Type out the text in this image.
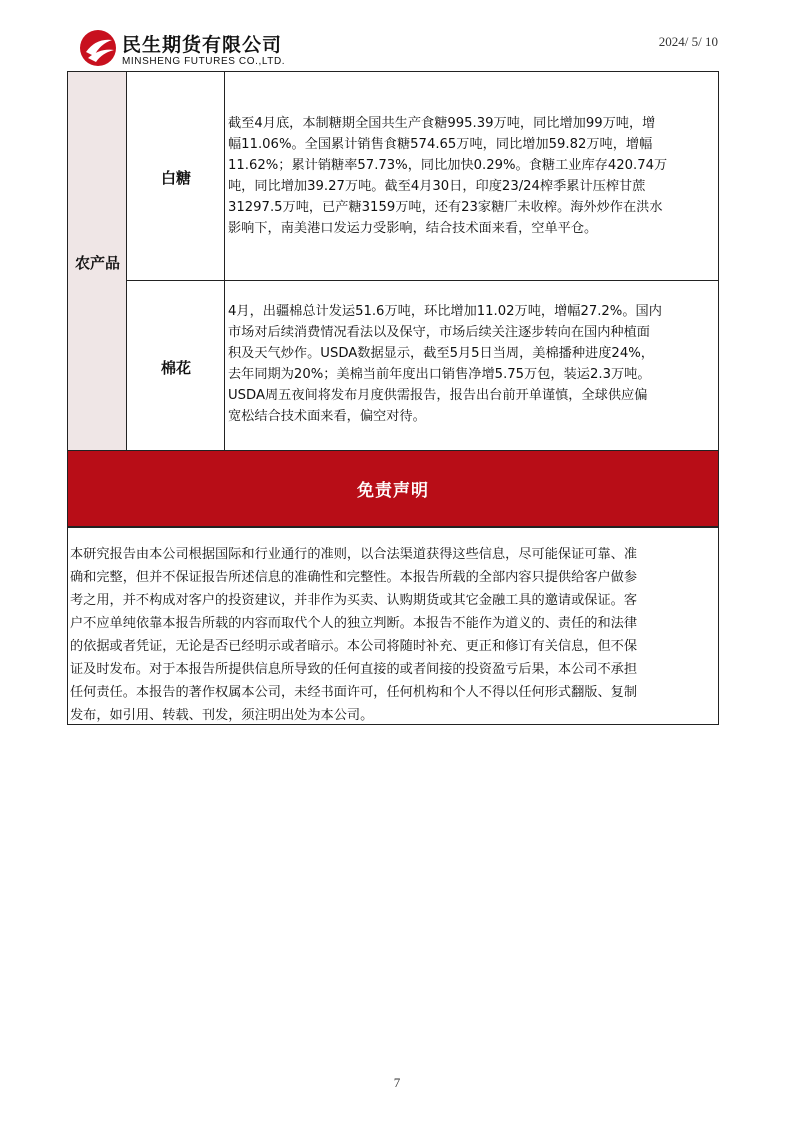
民生期货有限公司
MINSHENG FUTURES CO.,LTD.
2024/ 5/ 10
农产品
白糖

截至4月底，本制糖期全国共生产食糖995.39万吨，同比增加99万吨，增

幅11.06%。全国累计销售食糖574.65万吨，同比增加59.82万吨，增幅

11.62%；累计销糖率57.73%，同比加快0.29%。食糖工业库存420.74万

吨，同比增加39.27万吨。截至4月30日，印度23/24榨季累计压榨甘蔗

31297.5万吨，已产糖3159万吨，还有23家糖厂未收榨。海外炒作在洪水

影响下，南美港口发运力受影响，结合技术面来看，空单平仓。

棉花

4月，出疆棉总计发运51.6万吨，环比增加11.02万吨，增幅27.2%。国内

市场对后续消费情况看法以及保守，市场后续关注逐步转向在国内种植面

积及天气炒作。USDA数据显示，截至5月5日当周，美棉播种进度24%，

去年同期为20%；美棉当前年度出口销售净增5.75万包，装运2.3万吨。

USDA周五夜间将发布月度供需报告，报告出台前开单谨慎，全球供应偏

宽松结合技术面来看，偏空对待。

免责声明

本研究报告由本公司根据国际和行业通行的准则，以合法渠道获得这些信息，尽可能保证可靠、准

确和完整，但并不保证报告所述信息的准确性和完整性。本报告所载的全部内容只提供给客户做参

考之用，并不构成对客户的投资建议，并非作为买卖、认购期货或其它金融工具的邀请或保证。客

户不应单纯依靠本报告所载的内容而取代个人的独立判断。本报告不能作为道义的、责任的和法律

的依据或者凭证，无论是否已经明示或者暗示。本公司将随时补充、更正和修订有关信息，但不保

证及时发布。对于本报告所提供信息所导致的任何直接的或者间接的投资盈亏后果，本公司不承担

任何责任。本报告的著作权属本公司，未经书面许可，任何机构和个人不得以任何形式翻版、复制

发布，如引用、转载、刊发，须注明出处为本公司。

7
